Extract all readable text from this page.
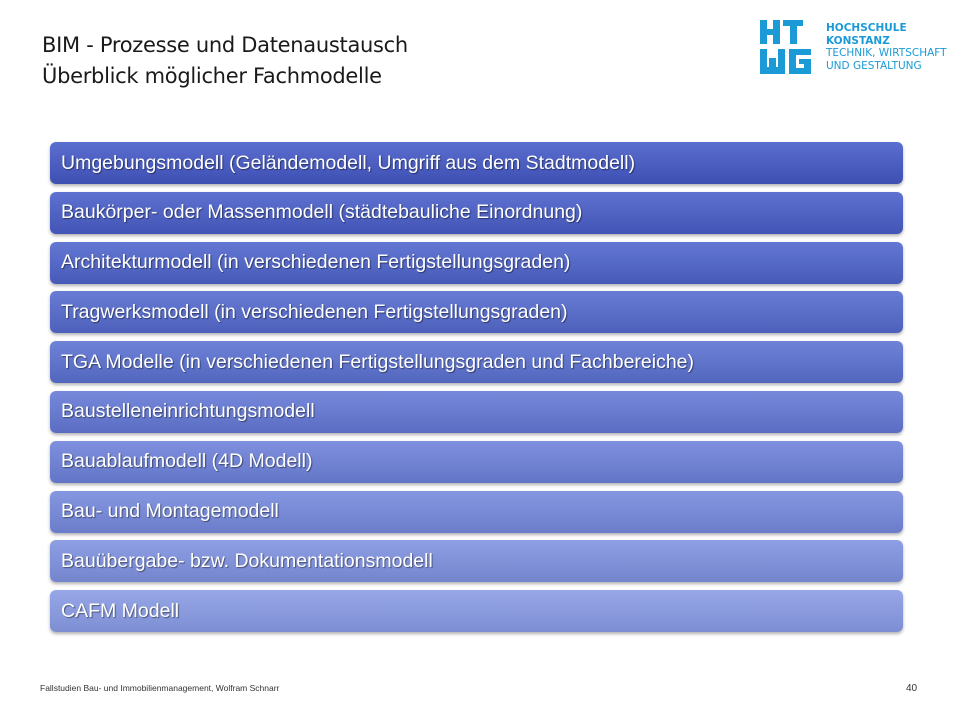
BIM - Prozesse und Datenaustausch
Überblick möglicher Fachmodelle
HOCHSCHULE
KONSTANZ
TECHNIK, WIRTSCHAFT
UND GESTALTUNG
Umgebungsmodell (Geländemodell, Umgriff aus dem Stadtmodell)
Baukörper- oder Massenmodell (städtebauliche Einordnung)
Architekturmodell (in verschiedenen Fertigstellungsgraden)
Tragwerksmodell (in verschiedenen Fertigstellungsgraden)
TGA Modelle (in verschiedenen Fertigstellungsgraden und Fachbereiche)
Baustelleneinrichtungsmodell
Bauablaufmodell (4D Modell)
Bau- und Montagemodell
Bauübergabe- bzw. Dokumentationsmodell
CAFM Modell
Fallstudien Bau- und Immobilienmanagement, Wolfram Schnarr	40
